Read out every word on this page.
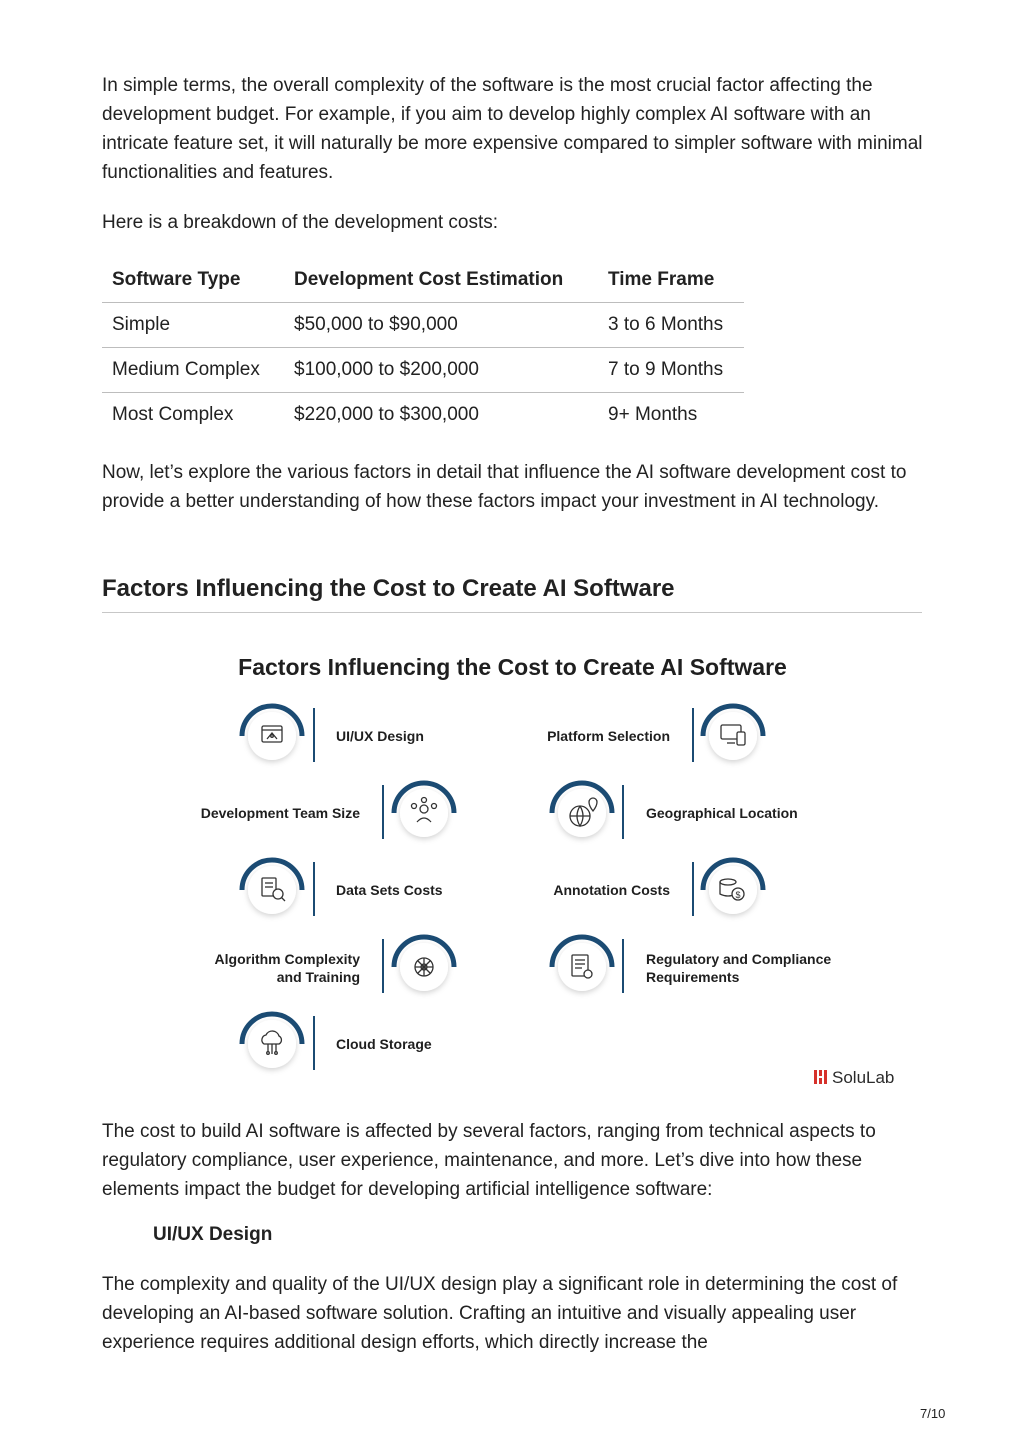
In simple terms, the overall complexity of the software is the most crucial factor affecting the development budget. For example, if you aim to develop highly complex AI software with an intricate feature set, it will naturally be more expensive compared to simpler software with minimal functionalities and features.

Here is a breakdown of the development costs:

Software Type	Development Cost Estimation	Time Frame
Simple	$50,000 to $90,000	3 to 6 Months
Medium Complex	$100,000 to $200,000	7 to 9 Months
Most Complex	$220,000 to $300,000	9+ Months

Now, let’s explore the various factors in detail that influence the AI software development cost to provide a better understanding of how these factors impact your investment in AI technology.

Factors Influencing the Cost to Create AI Software
Factors Influencing the Cost to Create AI Software
UI/UX Design	Platform Selection
Development Team Size	Geographical Location
Data Sets Costs	$
Annotation Costs
Algorithm Complexity
and Training
Regulatory and Compliance
Requirements
Cloud Storage
SoluLab

The cost to build AI software is affected by several factors, ranging from technical aspects to regulatory compliance, user experience, maintenance, and more. Let’s dive into how these elements impact the budget for developing artificial intelligence software:

UI/UX Design

The complexity and quality of the UI/UX design play a significant role in determining the cost of developing an AI-based software solution. Crafting an intuitive and visually appealing user experience requires additional design efforts, which directly increase the

7/10
